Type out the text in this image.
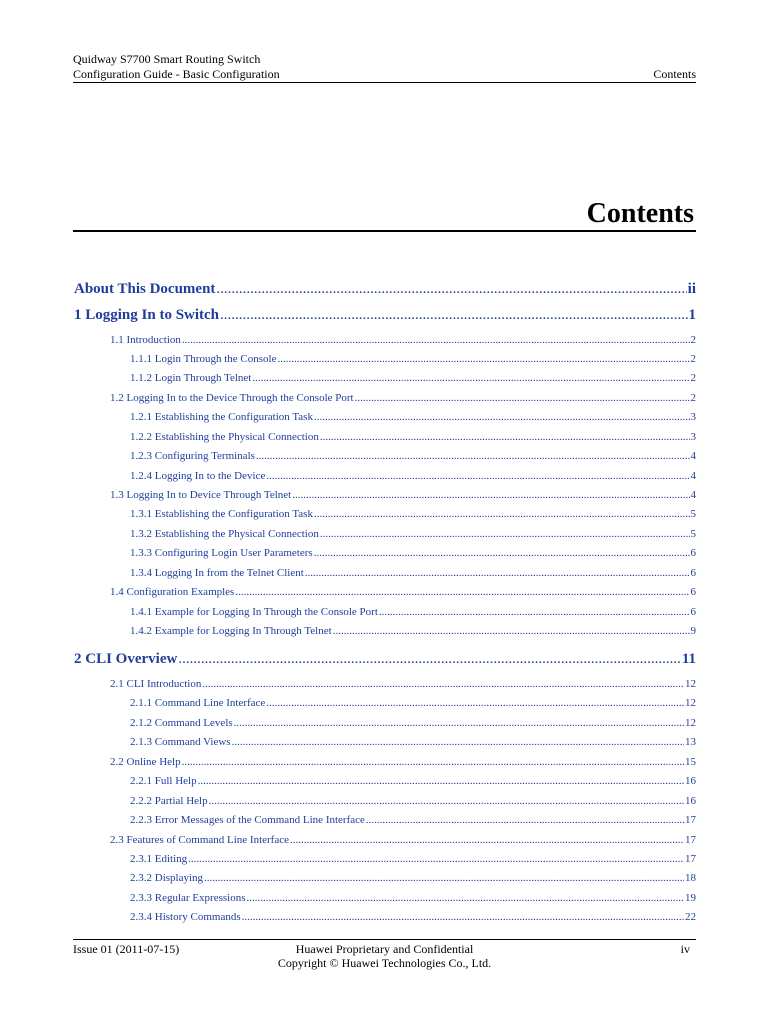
Quidway S7700 Smart Routing Switch
Configuration Guide - Basic Configuration	Contents
Contents
About This Document .....	ii
1 Logging In to Switch .....	1
1.1 Introduction .....	2
1.1.1 Login Through the Console .....	2
1.1.2 Login Through Telnet .....	2
1.2 Logging In to the Device Through the Console Port .....	2
1.2.1 Establishing the Configuration Task .....	3
1.2.2 Establishing the Physical Connection .....	3
1.2.3 Configuring Terminals .....	4
1.2.4 Logging In to the Device .....	4
1.3 Logging In to Device Through Telnet .....	4
1.3.1 Establishing the Configuration Task .....	5
1.3.2 Establishing the Physical Connection .....	5
1.3.3 Configuring Login User Parameters .....	6
1.3.4 Logging In from the Telnet Client .....	6
1.4 Configuration Examples .....	6
1.4.1 Example for Logging In Through the Console Port .....	6
1.4.2 Example for Logging In Through Telnet .....	9
2 CLI Overview .....	11
2.1 CLI Introduction .....	12
2.1.1 Command Line Interface .....	12
2.1.2 Command Levels .....	12
2.1.3 Command Views .....	13
2.2 Online Help .....	15
2.2.1 Full Help .....	16
2.2.2 Partial Help .....	16
2.2.3 Error Messages of the Command Line Interface .....	17
2.3 Features of Command Line Interface .....	17
2.3.1 Editing .....	17
2.3.2 Displaying .....	18
2.3.3 Regular Expressions .....	19
2.3.4 History Commands .....	22
Issue 01 (2011-07-15)	Huawei Proprietary and Confidential
Copyright © Huawei Technologies Co., Ltd.
iv
